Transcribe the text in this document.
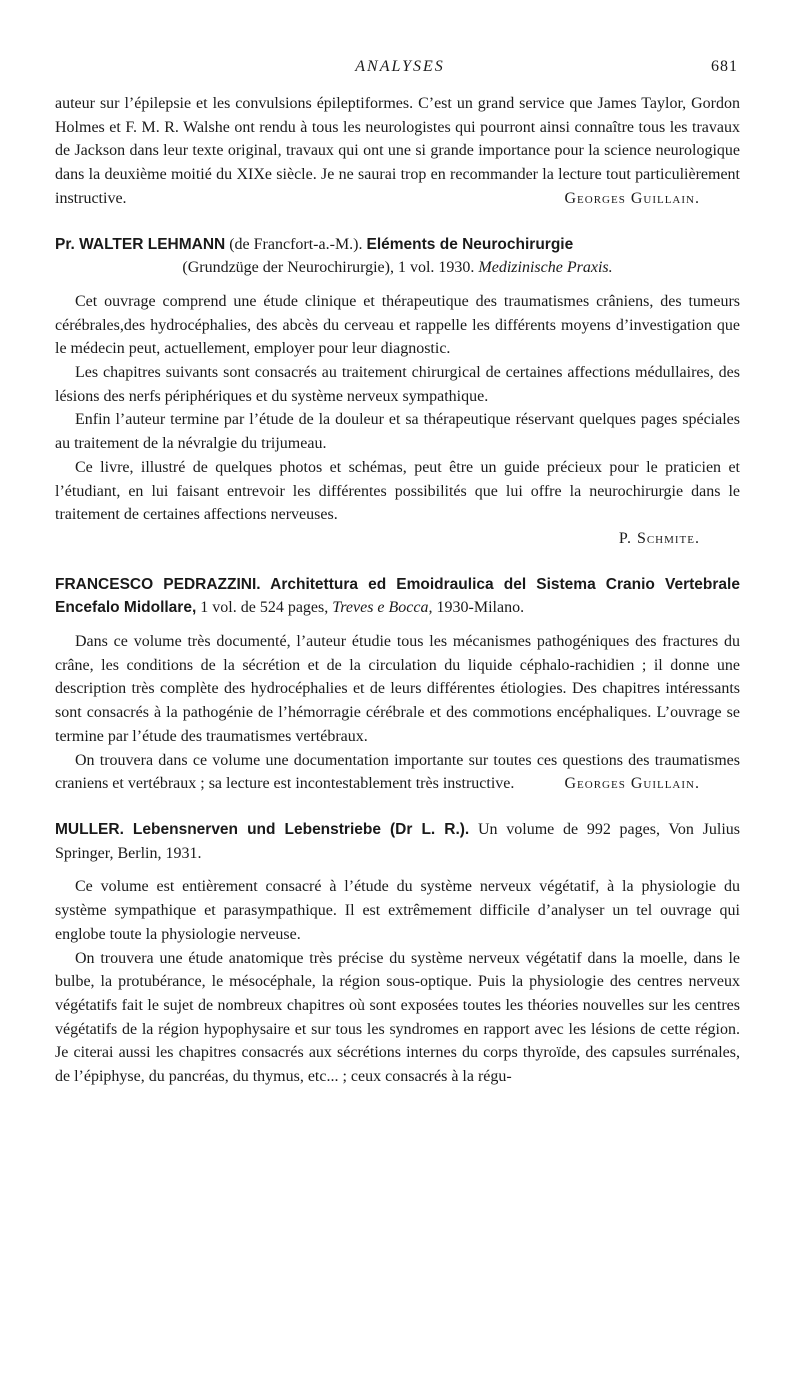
ANALYSES	681

auteur sur l’épilepsie et les convulsions épileptiformes. C’est un grand service que James Taylor, Gordon Holmes et F. M. R. Walshe ont rendu à tous les neurologistes qui pourront ainsi connaître tous les travaux de Jackson dans leur texte original, travaux qui ont une si grande importance pour la science neurologique dans la deuxième moitié du XIXe siècle. Je ne saurai trop en recommander la lecture tout particulièrement instructive.	Georges Guillain.

Pr. WALTER LEHMANN (de Francfort-a.-M.). Eléments de Neurochirurgie
(Grundzüge der Neurochirurgie), 1 vol. 1930. Medizinische Praxis.

Cet ouvrage comprend une étude clinique et thérapeutique des traumatismes crâniens, des tumeurs cérébrales,des hydrocéphalies, des abcès du cerveau et rappelle les différents moyens d’investigation que le médecin peut, actuellement, employer pour leur diagnostic.

Les chapitres suivants sont consacrés au traitement chirurgical de certaines affections médullaires, des lésions des nerfs périphériques et du système nerveux sympathique.

Enfin l’auteur termine par l’étude de la douleur et sa thérapeutique réservant quelques pages spéciales au traitement de la névralgie du trijumeau.

Ce livre, illustré de quelques photos et schémas, peut être un guide précieux pour le praticien et l’étudiant, en lui faisant entrevoir les différentes possibilités que lui offre la neurochirurgie dans le traitement de certaines affections nerveuses.

P. Schmite.

FRANCESCO PEDRAZZINI. Architettura ed Emoidraulica del Sistema Cranio Vertebrale Encefalo Midollare, 1 vol. de 524 pages, Treves e Bocca, 1930-Milano.

Dans ce volume très documenté, l’auteur étudie tous les mécanismes pathogéniques des fractures du crâne, les conditions de la sécrétion et de la circulation du liquide céphalo-rachidien ; il donne une description très complète des hydrocéphalies et de leurs différentes étiologies. Des chapitres intéressants sont consacrés à la pathogénie de l’hémorragie cérébrale et des commotions encéphaliques. L’ouvrage se termine par l’étude des traumatismes vertébraux.

On trouvera dans ce volume une documentation importante sur toutes ces questions des traumatismes craniens et vertébraux ; sa lecture est incontestablement très instructive.	Georges Guillain.

MULLER. Lebensnerven und Lebenstriebe (Dr L. R.). Un volume de 992 pages, Von Julius Springer, Berlin, 1931.

Ce volume est entièrement consacré à l’étude du système nerveux végétatif, à la physiologie du système sympathique et parasympathique. Il est extrêmement difficile d’analyser un tel ouvrage qui englobe toute la physiologie nerveuse.

On trouvera une étude anatomique très précise du système nerveux végétatif dans la moelle, dans le bulbe, la protubérance, le mésocéphale, la région sous-optique. Puis la physiologie des centres nerveux végétatifs fait le sujet de nombreux chapitres où sont exposées toutes les théories nouvelles sur les centres végétatifs de la région hypophysaire et sur tous les syndromes en rapport avec les lésions de cette région. Je citerai aussi les chapitres consacrés aux sécrétions internes du corps thyroïde, des capsules surrénales, de l’épiphyse, du pancréas, du thymus, etc... ; ceux consacrés à la régu-
